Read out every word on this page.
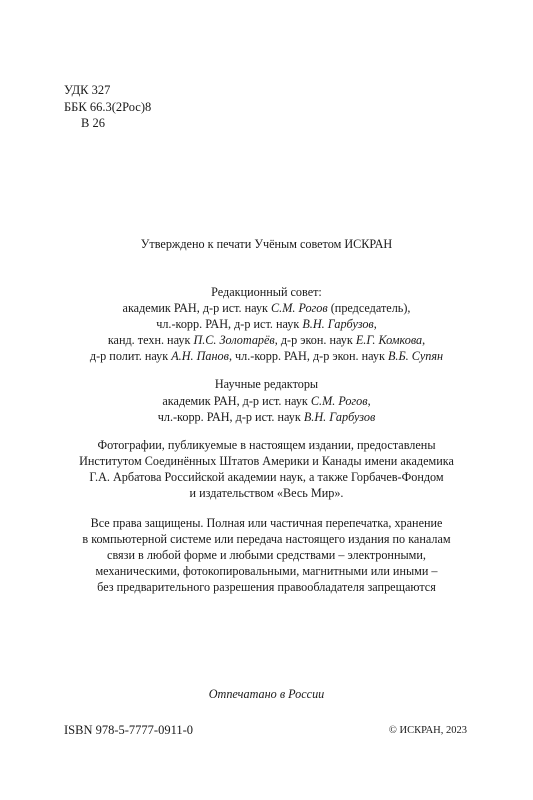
УДК 327
ББК 66.3(2Рос)8
В 26
Утверждено к печати Учёным советом ИСКРАН
Редакционный совет:
академик РАН, д-р ист. наук С.М. Рогов (председатель),
чл.-корр. РАН, д-р ист. наук В.Н. Гарбузов,
канд. техн. наук П.С. Золотарёв, д-р экон. наук Е.Г. Комкова,
д-р полит. наук А.Н. Панов, чл.-корр. РАН, д-р экон. наук В.Б. Супян
Научные редакторы
академик РАН, д-р ист. наук С.М. Рогов,
чл.-корр. РАН, д-р ист. наук В.Н. Гарбузов
Фотографии, публикуемые в настоящем издании, предоставлены
Институтом Соединённых Штатов Америки и Канады имени академика
Г.А. Арбатова Российской академии наук, а также Горбачев-Фондом
и издательством «Весь Мир».
Все права защищены. Полная или частичная перепечатка, хранение
в компьютерной системе или передача настоящего издания по каналам
связи в любой форме и любыми средствами – электронными,
механическими, фотокопировальными, магнитными или иными –
без предварительного разрешения правообладателя запрещаются
Отпечатано в России
ISBN 978-5-7777-0911-0	© ИСКРАН, 2023
